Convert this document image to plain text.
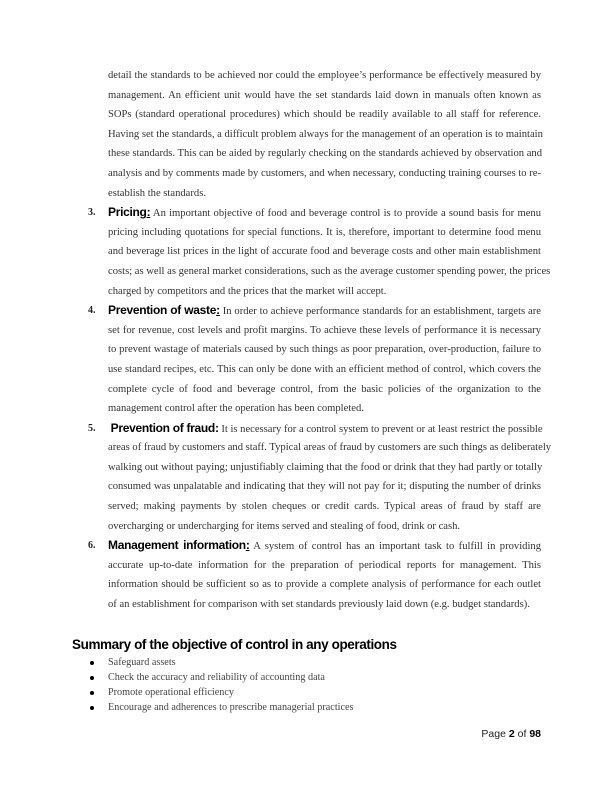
detail the standards to be achieved nor could the employee’s performance be effectively measured by
management. An efficient unit would have the set standards laid down in manuals often known as
SOPs (standard operational procedures) which should be readily available to all staff for reference.
Having set the standards, a difficult problem always for the management of an operation is to maintain
these standards. This can be aided by regularly checking on the standards achieved by observation and
analysis and by comments made by customers, and when necessary, conducting training courses to re-
establish the standards.
3. Pricing: An important objective of food and beverage control is to provide a sound basis for menu
pricing including quotations for special functions. It is, therefore, important to determine food menu
and beverage list prices in the light of accurate food and beverage costs and other main establishment
costs; as well as general market considerations, such as the average customer spending power, the prices
charged by competitors and the prices that the market will accept.
4. Prevention of waste: In order to achieve performance standards for an establishment, targets are
set for revenue, cost levels and profit margins. To achieve these levels of performance it is necessary
to prevent wastage of materials caused by such things as poor preparation, over-production, failure to
use standard recipes, etc. This can only be done with an efficient method of control, which covers the
complete cycle of food and beverage control, from the basic policies of the organization to the
management control after the operation has been completed.
5. Prevention of fraud: It is necessary for a control system to prevent or at least restrict the possible
areas of fraud by customers and staff. Typical areas of fraud by customers are such things as deliberately
walking out without paying; unjustifiably claiming that the food or drink that they had partly or totally
consumed was unpalatable and indicating that they will not pay for it; disputing the number of drinks
served; making payments by stolen cheques or credit cards. Typical areas of fraud by staff are
overcharging or undercharging for items served and stealing of food, drink or cash.
6. Management information: A system of control has an important task to fulfill in providing
accurate up-to-date information for the preparation of periodical reports for management. This
information should be sufficient so as to provide a complete analysis of performance for each outlet
of an establishment for comparison with set standards previously laid down (e.g. budget standards).
Summary of the objective of control in any operations
Safeguard assets
Check the accuracy and reliability of accounting data
Promote operational efficiency
Encourage and adherences to prescribe managerial practices
Page 2 of 98
